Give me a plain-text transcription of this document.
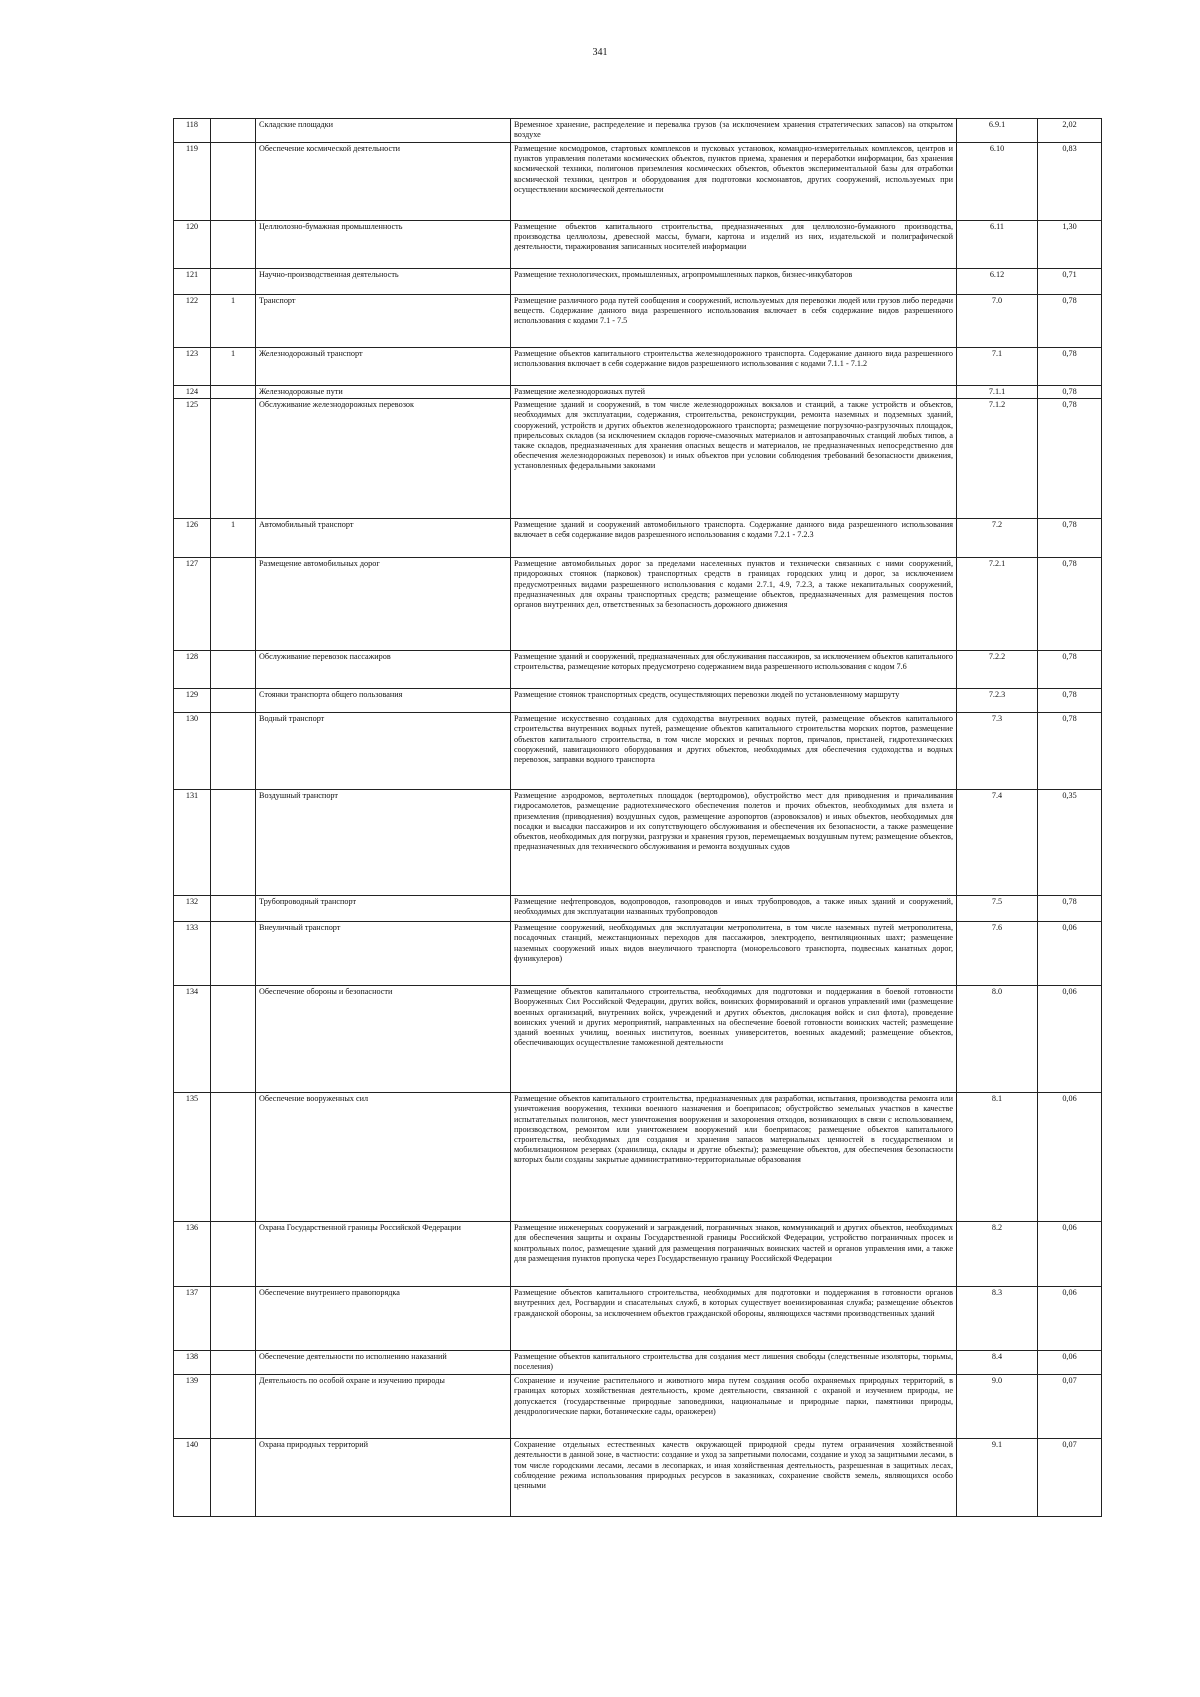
341
118		Складские площадки	Временное хранение, распределение и перевалка грузов (за исключением хранения стратегических запасов) на открытом воздухе	6.9.1	2,02
119		Обеспечение космической деятельности	Размещение космодромов, стартовых комплексов и пусковых установок, командно-измерительных комплексов, центров и пунктов управления полетами космических объектов, пунктов приема, хранения и переработки информации, баз хранения космической техники, полигонов приземления космических объектов, объектов экспериментальной базы для отработки космической техники, центров и оборудования для подготовки космонавтов, других сооружений, используемых при осуществлении космической деятельности	6.10	0,83
120		Целлюлозно-бумажная промышленность	Размещение объектов капитального строительства, предназначенных для целлюлозно-бумажного производства, производства целлюлозы, древесной массы, бумаги, картона и изделий из них, издательской и полиграфической деятельности, тиражирования записанных носителей информации	6.11	1,30
121		Научно-производственная деятельность	Размещение технологических, промышленных, агропромышленных парков, бизнес-инкубаторов	6.12	0,71
122	1	Транспорт	Размещение различного рода путей сообщения и сооружений, используемых для перевозки людей или грузов либо передачи веществ. Содержание данного вида разрешенного использования включает в себя содержание видов разрешенного использования с кодами 7.1 - 7.5	7.0	0,78
123	1	Железнодорожный транспорт	Размещение объектов капитального строительства железнодорожного транспорта. Содержание данного вида разрешенного использования включает в себя содержание видов разрешенного использования с кодами 7.1.1 - 7.1.2	7.1	0,78
124		Железнодорожные пути	Размещение железнодорожных путей	7.1.1	0,78
125		Обслуживание железнодорожных перевозок	Размещение зданий и сооружений, в том числе железнодорожных вокзалов и станций, а также устройств и объектов, необходимых для эксплуатации, содержания, строительства, реконструкции, ремонта наземных и подземных зданий, сооружений, устройств и других объектов железнодорожного транспорта; размещение погрузочно-разгрузочных площадок, прирельсовых складов (за исключением складов горюче-смазочных материалов и автозаправочных станций любых типов, а также складов, предназначенных для хранения опасных веществ и материалов, не предназначенных непосредственно для обеспечения железнодорожных перевозок) и иных объектов при условии соблюдения требований безопасности движения, установленных федеральными законами	7.1.2	0,78
126	1	Автомобильный транспорт	Размещение зданий и сооружений автомобильного транспорта. Содержание данного вида разрешенного использования включает в себя содержание видов разрешенного использования с кодами 7.2.1 - 7.2.3	7.2	0,78
127		Размещение автомобильных дорог	Размещение автомобильных дорог за пределами населенных пунктов и технически связанных с ними сооружений, придорожных стоянок (парковок) транспортных средств в границах городских улиц и дорог, за исключением предусмотренных видами разрешенного использования с кодами 2.7.1, 4.9, 7.2.3, а также некапитальных сооружений, предназначенных для охраны транспортных средств; размещение объектов, предназначенных для размещения постов органов внутренних дел, ответственных за безопасность дорожного движения	7.2.1	0,78
128		Обслуживание перевозок пассажиров	Размещение зданий и сооружений, предназначенных для обслуживания пассажиров, за исключением объектов капитального строительства, размещение которых предусмотрено содержанием вида разрешенного использования с кодом 7.6	7.2.2	0,78
129		Стоянки транспорта общего пользования	Размещение стоянок транспортных средств, осуществляющих перевозки людей по установленному маршруту	7.2.3	0,78
130		Водный транспорт	Размещение искусственно созданных для судоходства внутренних водных путей, размещение объектов капитального строительства внутренних водных путей, размещение объектов капитального строительства морских портов, размещение объектов капитального строительства, в том числе морских и речных портов, причалов, пристаней, гидротехнических сооружений, навигационного оборудования и других объектов, необходимых для обеспечения судоходства и водных перевозок, заправки водного транспорта	7.3	0,78
131		Воздушный транспорт	Размещение аэродромов, вертолетных площадок (вертодромов), обустройство мест для приводнения и причаливания гидросамолетов, размещение радиотехнического обеспечения полетов и прочих объектов, необходимых для взлета и приземления (приводнения) воздушных судов, размещение аэропортов (аэровокзалов) и иных объектов, необходимых для посадки и высадки пассажиров и их сопутствующего обслуживания и обеспечения их безопасности, а также размещение объектов, необходимых для погрузки, разгрузки и хранения грузов, перемещаемых воздушным путем; размещение объектов, предназначенных для технического обслуживания и ремонта воздушных судов	7.4	0,35
132		Трубопроводный транспорт	Размещение нефтепроводов, водопроводов, газопроводов и иных трубопроводов, а также иных зданий и сооружений, необходимых для эксплуатации названных трубопроводов	7.5	0,78
133		Внеуличный транспорт	Размещение сооружений, необходимых для эксплуатации метрополитена, в том числе наземных путей метрополитена, посадочных станций, межстанционных переходов для пассажиров, электродепо, вентиляционных шахт; размещение наземных сооружений иных видов внеуличного транспорта (монорельсового транспорта, подвесных канатных дорог, фуникулеров)	7.6	0,06
134		Обеспечение обороны и безопасности	Размещение объектов капитального строительства, необходимых для подготовки и поддержания в боевой готовности Вооруженных Сил Российской Федерации, других войск, воинских формирований и органов управлений ими (размещение военных организаций, внутренних войск, учреждений и других объектов, дислокация войск и сил флота), проведение воинских учений и других мероприятий, направленных на обеспечение боевой готовности воинских частей; размещение зданий военных училищ, военных институтов, военных университетов, военных академий; размещение объектов, обеспечивающих осуществление таможенной деятельности	8.0	0,06
135		Обеспечение вооруженных сил	Размещение объектов капитального строительства, предназначенных для разработки, испытания, производства ремонта или уничтожения вооружения, техники военного назначения и боеприпасов; обустройство земельных участков в качестве испытательных полигонов, мест уничтожения вооружения и захоронения отходов, возникающих в связи с использованием, производством, ремонтом или уничтожением вооружений или боеприпасов; размещение объектов капитального строительства, необходимых для создания и хранения запасов материальных ценностей в государственном и мобилизационном резервах (хранилища, склады и другие объекты); размещение объектов, для обеспечения безопасности которых были созданы закрытые административно-территориальные образования	8.1	0,06
136		Охрана Государственной границы Российской Федерации	Размещение инженерных сооружений и заграждений, пограничных знаков, коммуникаций и других объектов, необходимых для обеспечения защиты и охраны Государственной границы Российской Федерации, устройство пограничных просек и контрольных полос, размещение зданий для размещения пограничных воинских частей и органов управления ими, а также для размещения пунктов пропуска через Государственную границу Российской Федерации	8.2	0,06
137		Обеспечение внутреннего правопорядка	Размещение объектов капитального строительства, необходимых для подготовки и поддержания в готовности органов внутренних дел, Росгвардии и спасательных служб, в которых существует военизированная служба; размещение объектов гражданской обороны, за исключением объектов гражданской обороны, являющихся частями производственных зданий	8.3	0,06
138		Обеспечение деятельности по исполнению наказаний	Размещение объектов капитального строительства для создания мест лишения свободы (следственные изоляторы, тюрьмы, поселения)	8.4	0,06
139		Деятельность по особой охране и изучению природы	Сохранение и изучение растительного и животного мира путем создания особо охраняемых природных территорий, в границах которых хозяйственная деятельность, кроме деятельности, связанной с охраной и изучением природы, не допускается (государственные природные заповедники, национальные и природные парки, памятники природы, дендрологические парки, ботанические сады, оранжереи)	9.0	0,07
140		Охрана природных территорий	Сохранение отдельных естественных качеств окружающей природной среды путем ограничения хозяйственной деятельности в данной зоне, в частности: создание и уход за запретными полосами, создание и уход за защитными лесами, в том числе городскими лесами, лесами в лесопарках, и иная хозяйственная деятельность, разрешенная в защитных лесах, соблюдение режима использования природных ресурсов в заказниках, сохранение свойств земель, являющихся особо ценными	9.1	0,07
